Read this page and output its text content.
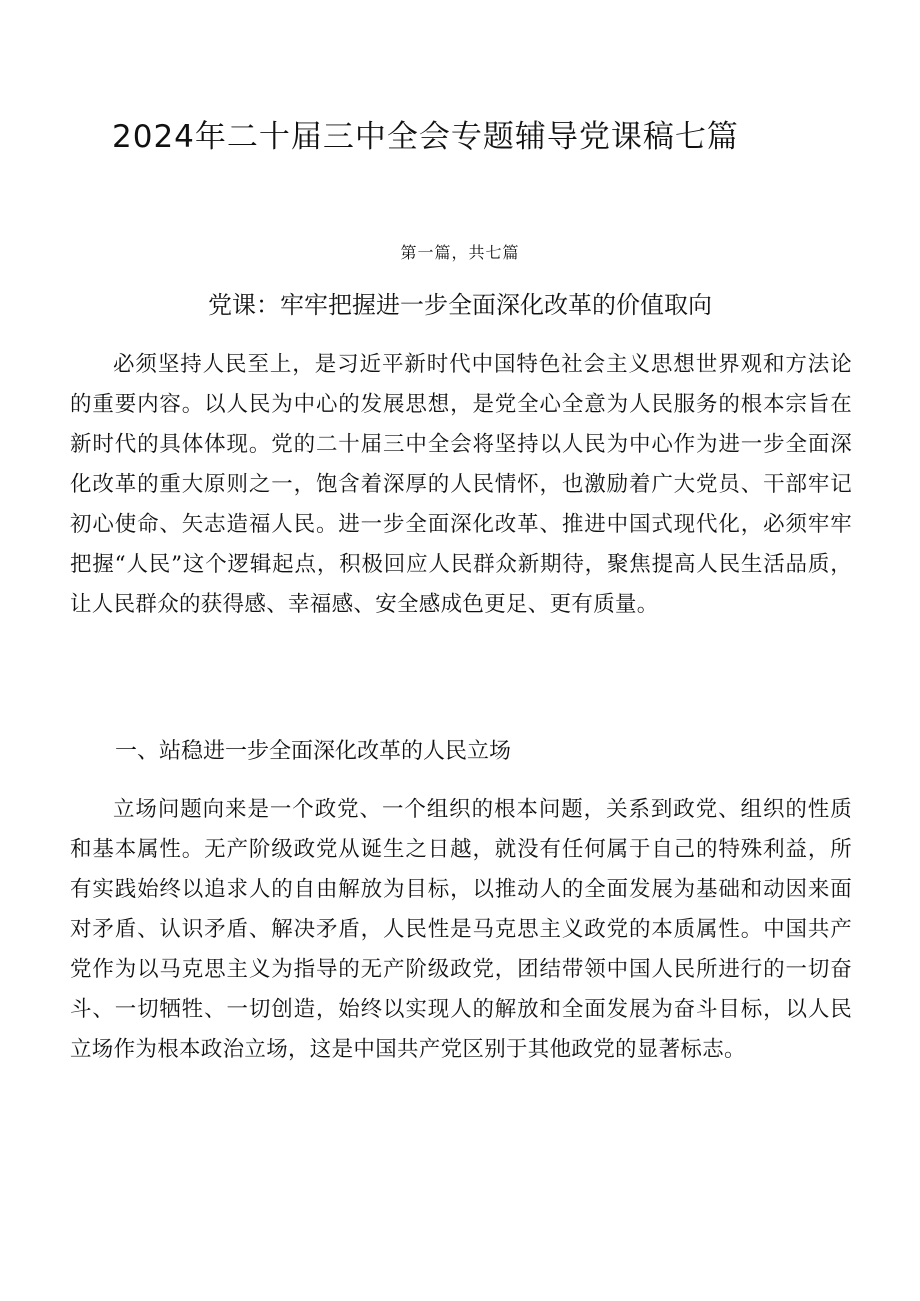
2024年二十届三中全会专题辅导党课稿七篇
第一篇，共七篇
党课：牢牢把握进一步全面深化改革的价值取向

必须坚持人民至上，是习近平新时代中国特色社会主义思想世界观和方法论的重要内容。以人民为中心的发展思想，是党全心全意为人民服务的根本宗旨在新时代的具体体现。党的二十届三中全会将坚持以人民为中心作为进一步全面深化改革的重大原则之一，饱含着深厚的人民情怀，也激励着广大党员、干部牢记初心使命、矢志造福人民。进一步全面深化改革、推进中国式现代化，必须牢牢把握“人民”这个逻辑起点，积极回应人民群众新期待，聚焦提高人民生活品质，让人民群众的获得感、幸福感、安全感成色更足、更有质量。

一、站稳进一步全面深化改革的人民立场

立场问题向来是一个政党、一个组织的根本问题，关系到政党、组织的性质和基本属性。无产阶级政党从诞生之日越，就没有任何属于自己的特殊利益，所有实践始终以追求人的自由解放为目标，以推动人的全面发展为基础和动因来面对矛盾、认识矛盾、解决矛盾，人民性是马克思主义政党的本质属性。中国共产党作为以马克思主义为指导的无产阶级政党，团结带领中国人民所进行的一切奋斗、一切牺牲、一切创造，始终以实现人的解放和全面发展为奋斗目标，以人民立场作为根本政治立场，这是中国共产党区别于其他政党的显著标志。
